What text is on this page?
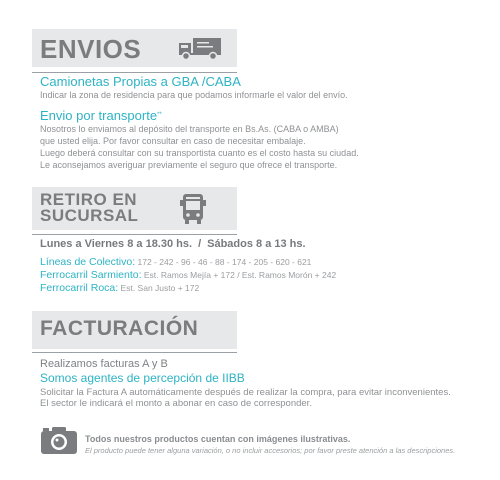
ENVIOS
Camionetas Propias a GBA /CABA

Indicar la zona de residencia para que podamos informarle el valor del envío.

Envio por transporte**

Nosotros lo enviamos al depósito del transporte en Bs.As. (CABA o AMBA)

que usted elija. Por favor consultar en caso de necesitar embalaje.

Luego deberá consultar con su transportista cuanto es el costo hasta su ciudad.

Le aconsejamos averiguar previamente el seguro que ofrece el transporte.

RETIRO EN
SUCURSAL
Lunes a Viernes 8 a 18.30 hs. / Sábados 8 a 13 hs.
Líneas de Colectivo: 172 - 242 - 96 - 46 - 88 - 174 - 205 - 620 - 621
Ferrocarril Sarmiento: Est. Ramos Mejía + 172 / Est. Ramos Morón + 242
Ferrocarril Roca: Est. San Justo + 172
FACTURACIÓN
Realizamos facturas A y B
Somos agentes de percepción de IIBB

Solicitar la Factura A automáticamente después de realizar la compra, para evitar inconvenientes.

El sector le indicará el monto a abonar en caso de corresponder.

Todos nuestros productos cuentan con imágenes ilustrativas.
El producto puede tener alguna variación, o no incluir accesorios; por favor preste atención a las descripciones.
